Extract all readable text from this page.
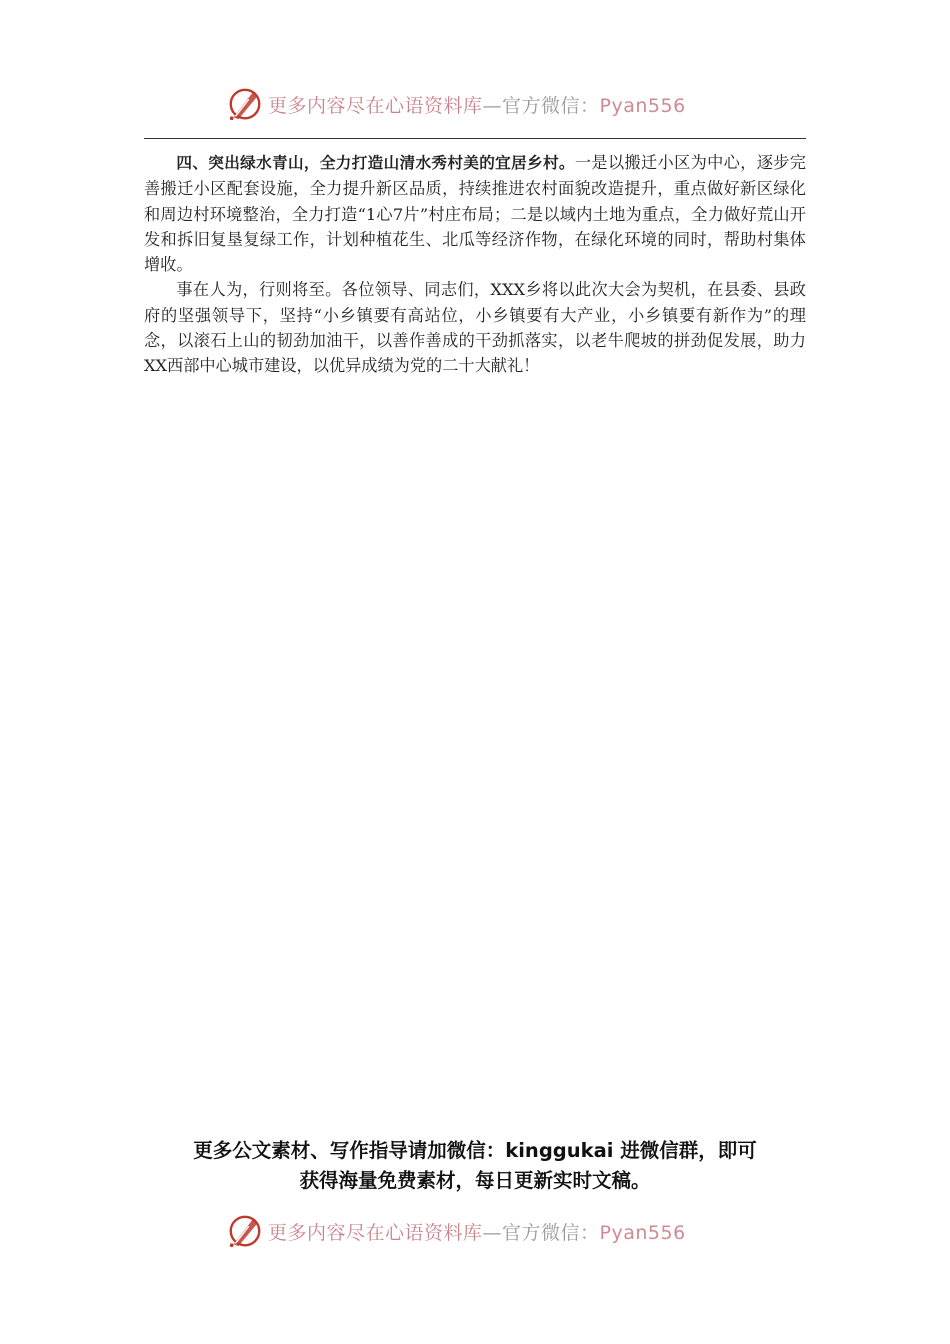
更多内容尽在心语资料库—官方微信：Pyan556

四、突出绿水青山，全力打造山清水秀村美的宜居乡村。一是以搬迁小区为中心，逐步完善搬迁小区配套设施，全力提升新区品质，持续推进农村面貌改造提升，重点做好新区绿化和周边村环境整治，全力打造“1心7片”村庄布局；二是以域内土地为重点，全力做好荒山开发和拆旧复垦复绿工作，计划种植花生、北瓜等经济作物，在绿化环境的同时，帮助村集体增收。

事在人为，行则将至。各位领导、同志们，XXX乡将以此次大会为契机，在县委、县政府的坚强领导下，坚持“小乡镇要有高站位，小乡镇要有大产业，小乡镇要有新作为”的理念，以滚石上山的韧劲加油干，以善作善成的干劲抓落实，以老牛爬坡的拼劲促发展，助力XX西部中心城市建设，以优异成绩为党的二十大献礼！

更多公文素材、写作指导请加微信：kinggukai 进微信群，即可
获得海量免费素材，每日更新实时文稿。
更多内容尽在心语资料库—官方微信：Pyan556
